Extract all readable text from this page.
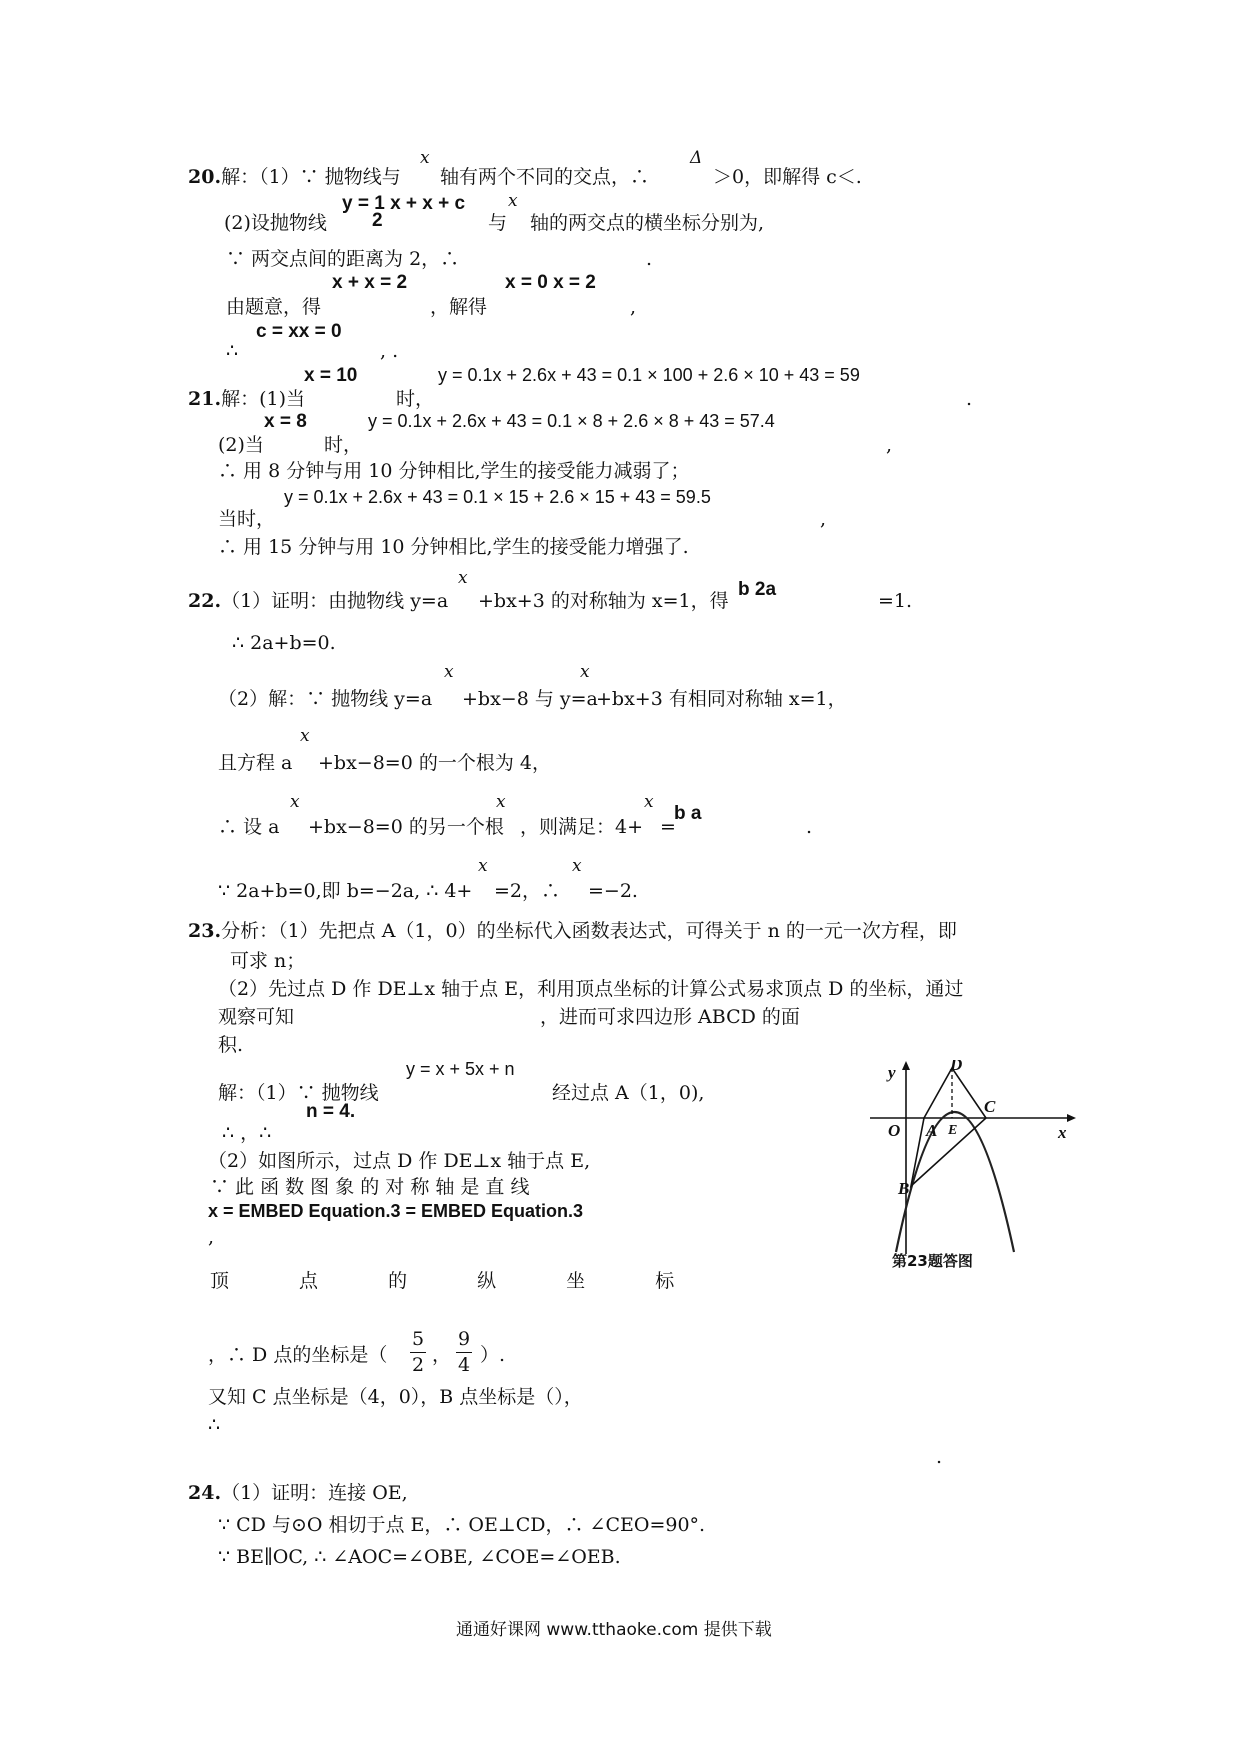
x	Δ
20.解：（1）∵ 抛物线与 轴有两个不同的交点，∴	＞0，即解得 c＜.
y = 1 x + x + c
2
x
(2)设抛物线	与 轴的两交点的横坐标分别为,
∵ 两交点间的距离为 2，∴	.
x + x = 2	x = 0 x = 2
由题意，得	，解得	,
c = xx = 0
∴	, .
x = 10	y = 0.1x + 2.6x + 43 = 0.1 × 100 + 2.6 × 10 + 43 = 59
21.解：(1)当	时，	.
x = 8	y = 0.1x + 2.6x + 43 = 0.1 × 8 + 2.6 × 8 + 43 = 57.4
(2)当	时，	,
∴ 用 8 分钟与用 10 分钟相比,学生的接受能力减弱了；
y = 0.1x + 2.6x + 43 = 0.1 × 15 + 2.6 × 15 + 43 = 59.5
当时，	,
∴ 用 15 分钟与用 10 分钟相比,学生的接受能力增强了.
x
22.（1）证明：由抛物线 y=a +bx+3 的对称轴为 x=1，得
b 2a
=1.
∴ 2a+b=0.
x	x
（2）解：∵ 抛物线 y=a +bx−8 与 y=a
+bx+3 有相同对称轴 x=1，
x
且方程 a +bx−8=0 的一个根为 4，
x	x	x
∴ 设 a +bx−8=0 的另一个根 ，则满足：4+ =
b a
.
x	x
∵ 2a+b=0,即 b=−2a, ∴ 4+ =2，∴ =−2.
23.分析：（1）先把点 A（1，0）的坐标代入函数表达式，可得关于 n 的一元一次方程，即
可求 n；
（2）先过点 D 作 DE⊥x 轴于点 E，利用顶点坐标的计算公式易求顶点 D 的坐标，通过
观察可知	，进而可求四边形 ABCD 的面
积.
y = x + 5x + n
解：（1）∵ 抛物线	经过点 A（1，0),
n = 4.
∴ ，∴
（2）如图所示，过点 D 作 DE⊥x 轴于点 E,
∵ 此 函 数 图 象 的 对 称 轴 是 直 线
x = EMBED Equation.3 = EMBED Equation.3
,
顶 点 的 纵 坐 标
，∴ D 点的坐标是（ $\frac{5}{2}$ ， $\frac{9}{4}$ ）.
又知 C 点坐标是（4，0），B 点坐标是（），
∴
.
y
x
O A E
C
D
B
第23题答图
24.（1）证明：连接 OE,
∵ CD 与⊙O 相切于点 E，∴ OE⊥CD，∴ ∠CEO=90°.
∵ BE∥OC, ∴ ∠AOC=∠OBE, ∠COE=∠OEB.
通通好课网 www.tthaoke.com 提供下载
